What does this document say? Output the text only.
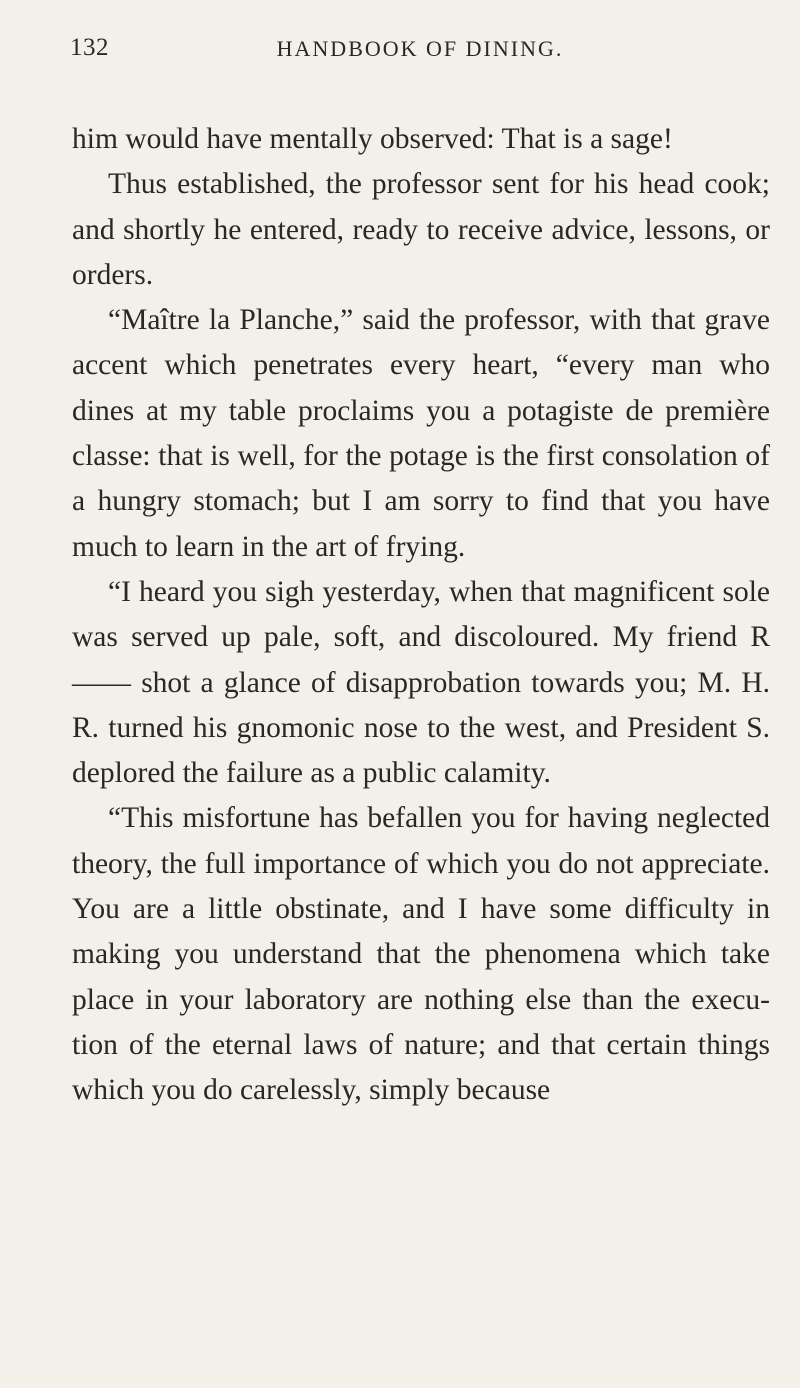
132	HANDBOOK OF DINING.

him would have mentally observed: That is a sage!

Thus established, the professor sent for his head cook; and shortly he entered, ready to receive advice, lessons, or orders.

“Maître la Planche,” said the professor, with that grave accent which penetrates every heart, “every man who dines at my table proclaims you a potagiste de première classe: that is well, for the potage is the first consolation of a hungry stomach; but I am sorry to find that you have much to learn in the art of frying.

“I heard you sigh yesterday, when that magnificent sole was served up pale, soft, and discoloured. My friend R—— shot a glance of disapprobation towards you; M. H. R. turned his gnomonic nose to the west, and President S. deplored the failure as a public calamity.

“This misfortune has befallen you for having neglected theory, the full importance of which you do not appreciate. You are a little obstinate, and I have some difficulty in making you understand that the phenomena which take place in your laboratory are nothing else than the execution of the eternal laws of nature; and that certain things which you do carelessly, simply because
